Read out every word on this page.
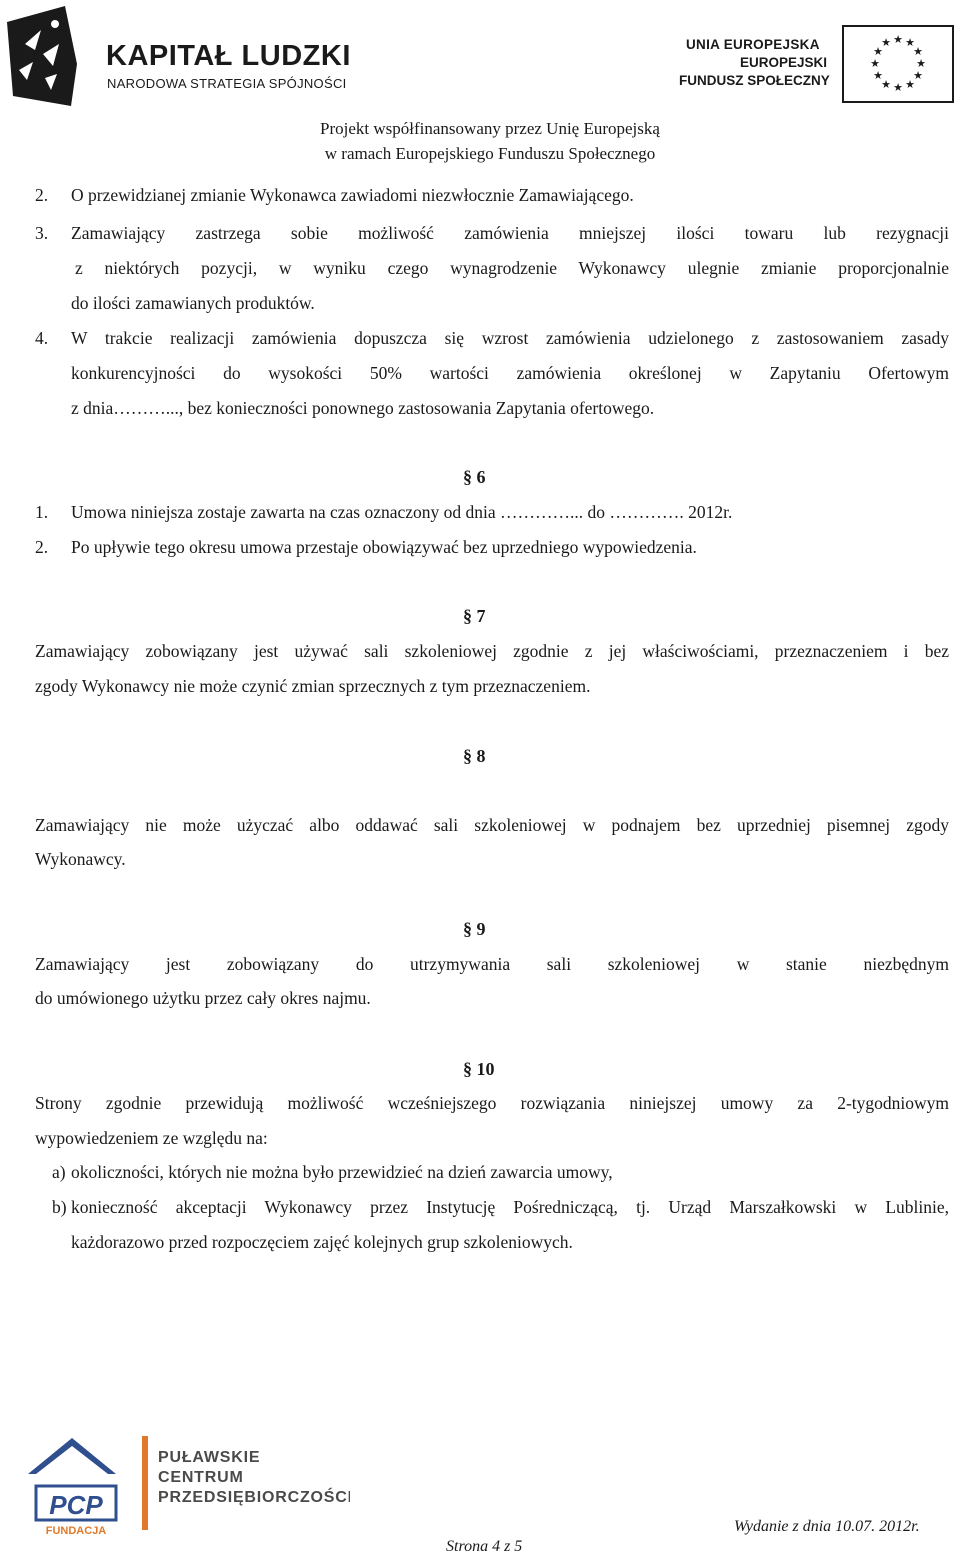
KAPITAŁ LUDZKI
NARODOWA STRATEGIA SPÓJNOŚCI
UNIA EUROPEJSKA
EUROPEJSKI
FUNDUSZ SPOŁECZNY
★ ★
★
★
★
★
★
★
★
★
★
★
Projekt współfinansowany przez Unię Europejską
w ramach Europejskiego Funduszu Społecznego
2. O przewidzianej zmianie Wykonawca zawiadomi niezwłocznie Zamawiającego.
3. Zamawiający zastrzega sobie możliwość zamówienia mniejszej ilości towaru lub rezygnacji
z niektórych pozycji, w wyniku czego wynagrodzenie Wykonawcy ulegnie zmianie proporcjonalnie
do ilości zamawianych produktów.
4. W trakcie realizacji zamówienia dopuszcza się wzrost zamówienia udzielonego z zastosowaniem zasady
konkurencyjności do wysokości 50% wartości zamówienia określonej w Zapytaniu Ofertowym
z dnia………..., bez konieczności ponownego zastosowania Zapytania ofertowego.
§ 6
1. Umowa niniejsza zostaje zawarta na czas oznaczony od dnia …………... do …………. 2012r.
2. Po upływie tego okresu umowa przestaje obowiązywać bez uprzedniego wypowiedzenia.
§ 7
Zamawiający zobowiązany jest używać sali szkoleniowej zgodnie z jej właściwościami, przeznaczeniem i bez
zgody Wykonawcy nie może czynić zmian sprzecznych z tym przeznaczeniem.
§ 8
Zamawiający nie może użyczać albo oddawać sali szkoleniowej w podnajem bez uprzedniej pisemnej zgody
Wykonawcy.
§ 9
Zamawiający jest zobowiązany do utrzymywania sali szkoleniowej w stanie niezbędnym
do umówionego użytku przez cały okres najmu.
§ 10
Strony zgodnie przewidują możliwość wcześniejszego rozwiązania niniejszej umowy za 2-tygodniowym
wypowiedzeniem ze względu na:
a) okoliczności, których nie można było przewidzieć na dzień zawarcia umowy,
b) konieczność akceptacji Wykonawcy przez Instytucję Pośredniczącą, tj. Urząd Marszałkowski w Lublinie,
każdorazowo przed rozpoczęciem zajęć kolejnych grup szkoleniowych.
PCP
FUNDACJA
PUŁAWSKIE
CENTRUM
PRZEDSIĘBIORCZOŚCI
Wydanie z dnia 10.07. 2012r.
Strona 4 z 5
